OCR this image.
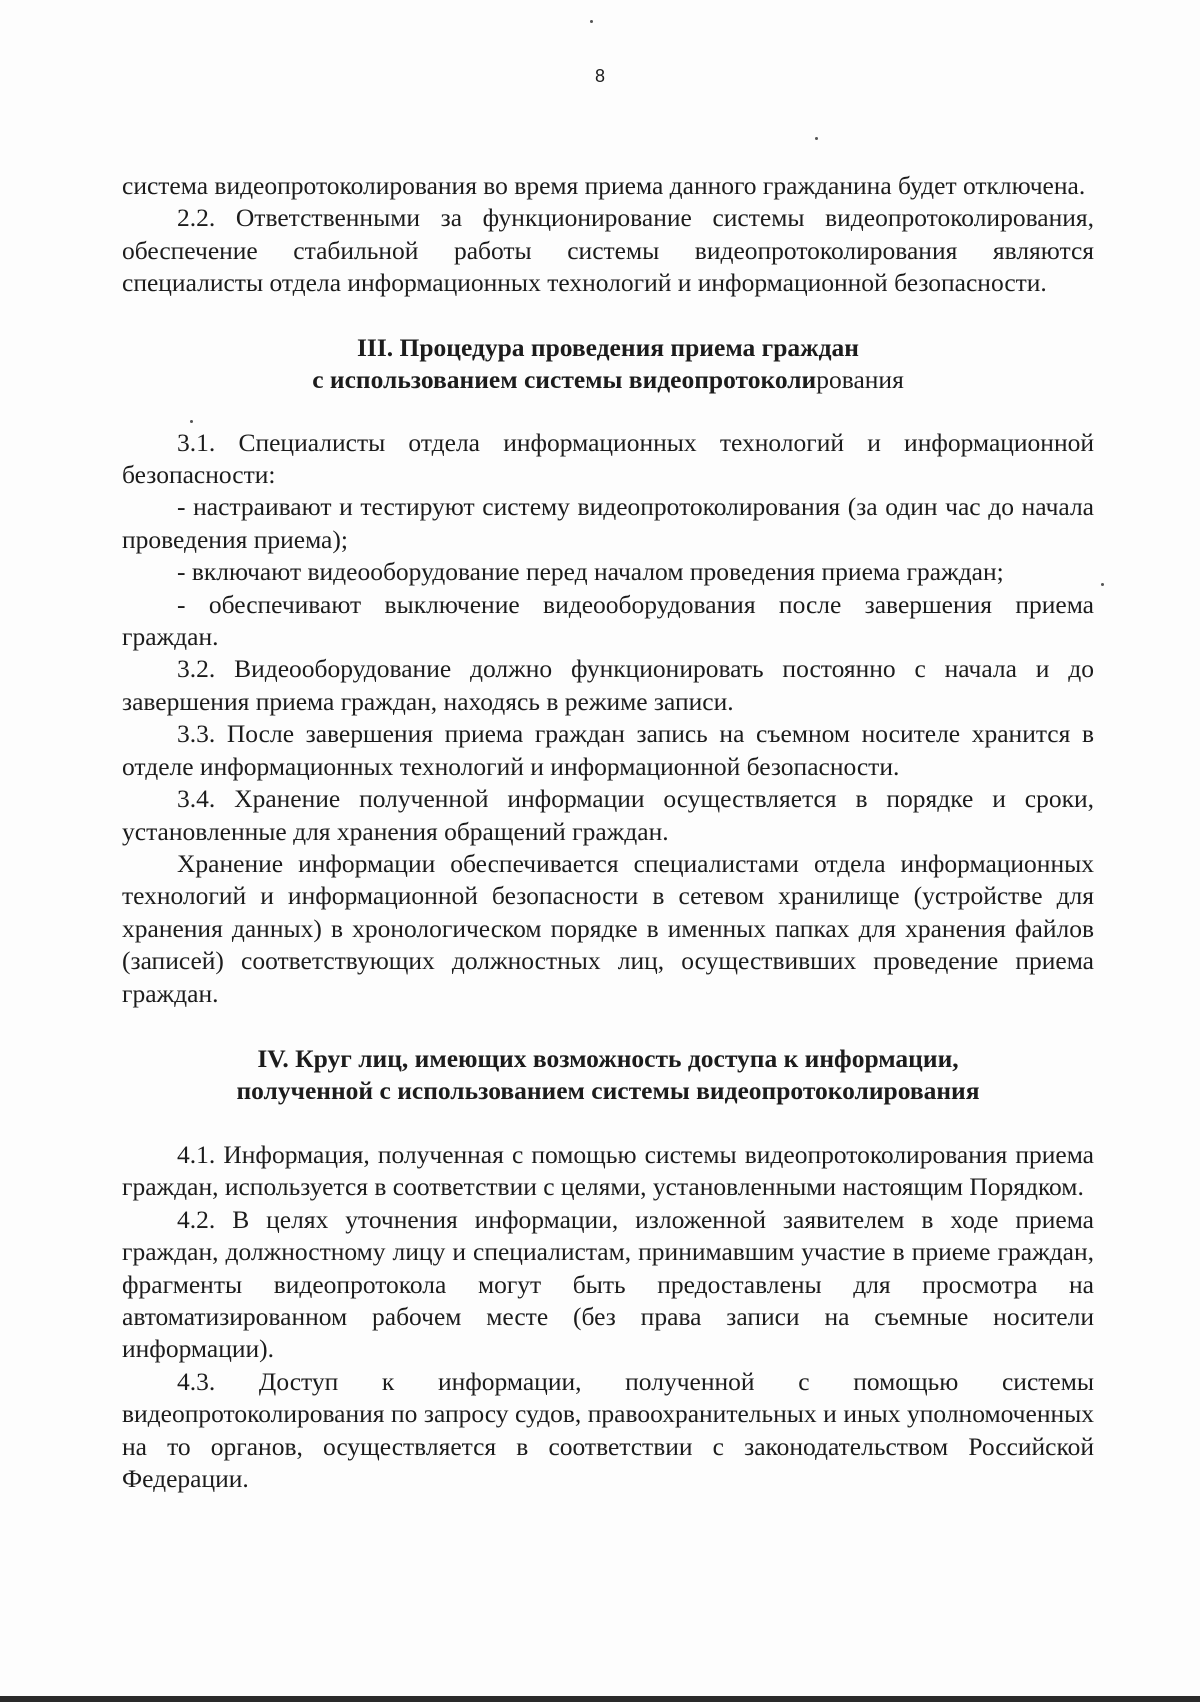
8

система видеопротоколирования во время приема данного гражданина будет отключена.

2.2. Ответственными за функционирование системы видеопротоколирования, обеспечение стабильной работы системы видеопротоколирования являются специалисты отдела информационных технологий и информационной безопасности.

III. Процедура проведения приема граждан
с использованием системы видеопротоколирования

3.1. Специалисты отдела информационных технологий и информационной безопасности:

- настраивают и тестируют систему видеопротоколирования (за один час до начала проведения приема);

- включают видеооборудование перед началом проведения приема граждан;

- обеспечивают выключение видеооборудования после завершения приема граждан.

3.2. Видеооборудование должно функционировать постоянно с начала и до завершения приема граждан, находясь в режиме записи.

3.3. После завершения приема граждан запись на съемном носителе хранится в отделе информационных технологий и информационной безопасности.

3.4. Хранение полученной информации осуществляется в порядке и сроки, установленные для хранения обращений граждан.

Хранение информации обеспечивается специалистами отдела информационных технологий и информационной безопасности в сетевом хранилище (устройстве для хранения данных) в хронологическом порядке в именных папках для хранения файлов (записей) соответствующих должностных лиц, осуществивших проведение приема граждан.

IV. Круг лиц, имеющих возможность доступа к информации,
полученной с использованием системы видеопротоколирования

4.1. Информация, полученная с помощью системы видеопротоколирования приема граждан, используется в соответствии с целями, установленными настоящим Порядком.

4.2. В целях уточнения информации, изложенной заявителем в ходе приема граждан, должностному лицу и специалистам, принимавшим участие в приеме граждан, фрагменты видеопротокола могут быть предоставлены для просмотра на автоматизированном рабочем месте (без права записи на съемные носители информации).

4.3. Доступ к информации, полученной с помощью системы видеопротоколирования по запросу судов, правоохранительных и иных уполномоченных на то органов, осуществляется в соответствии с законодательством Российской Федерации.
